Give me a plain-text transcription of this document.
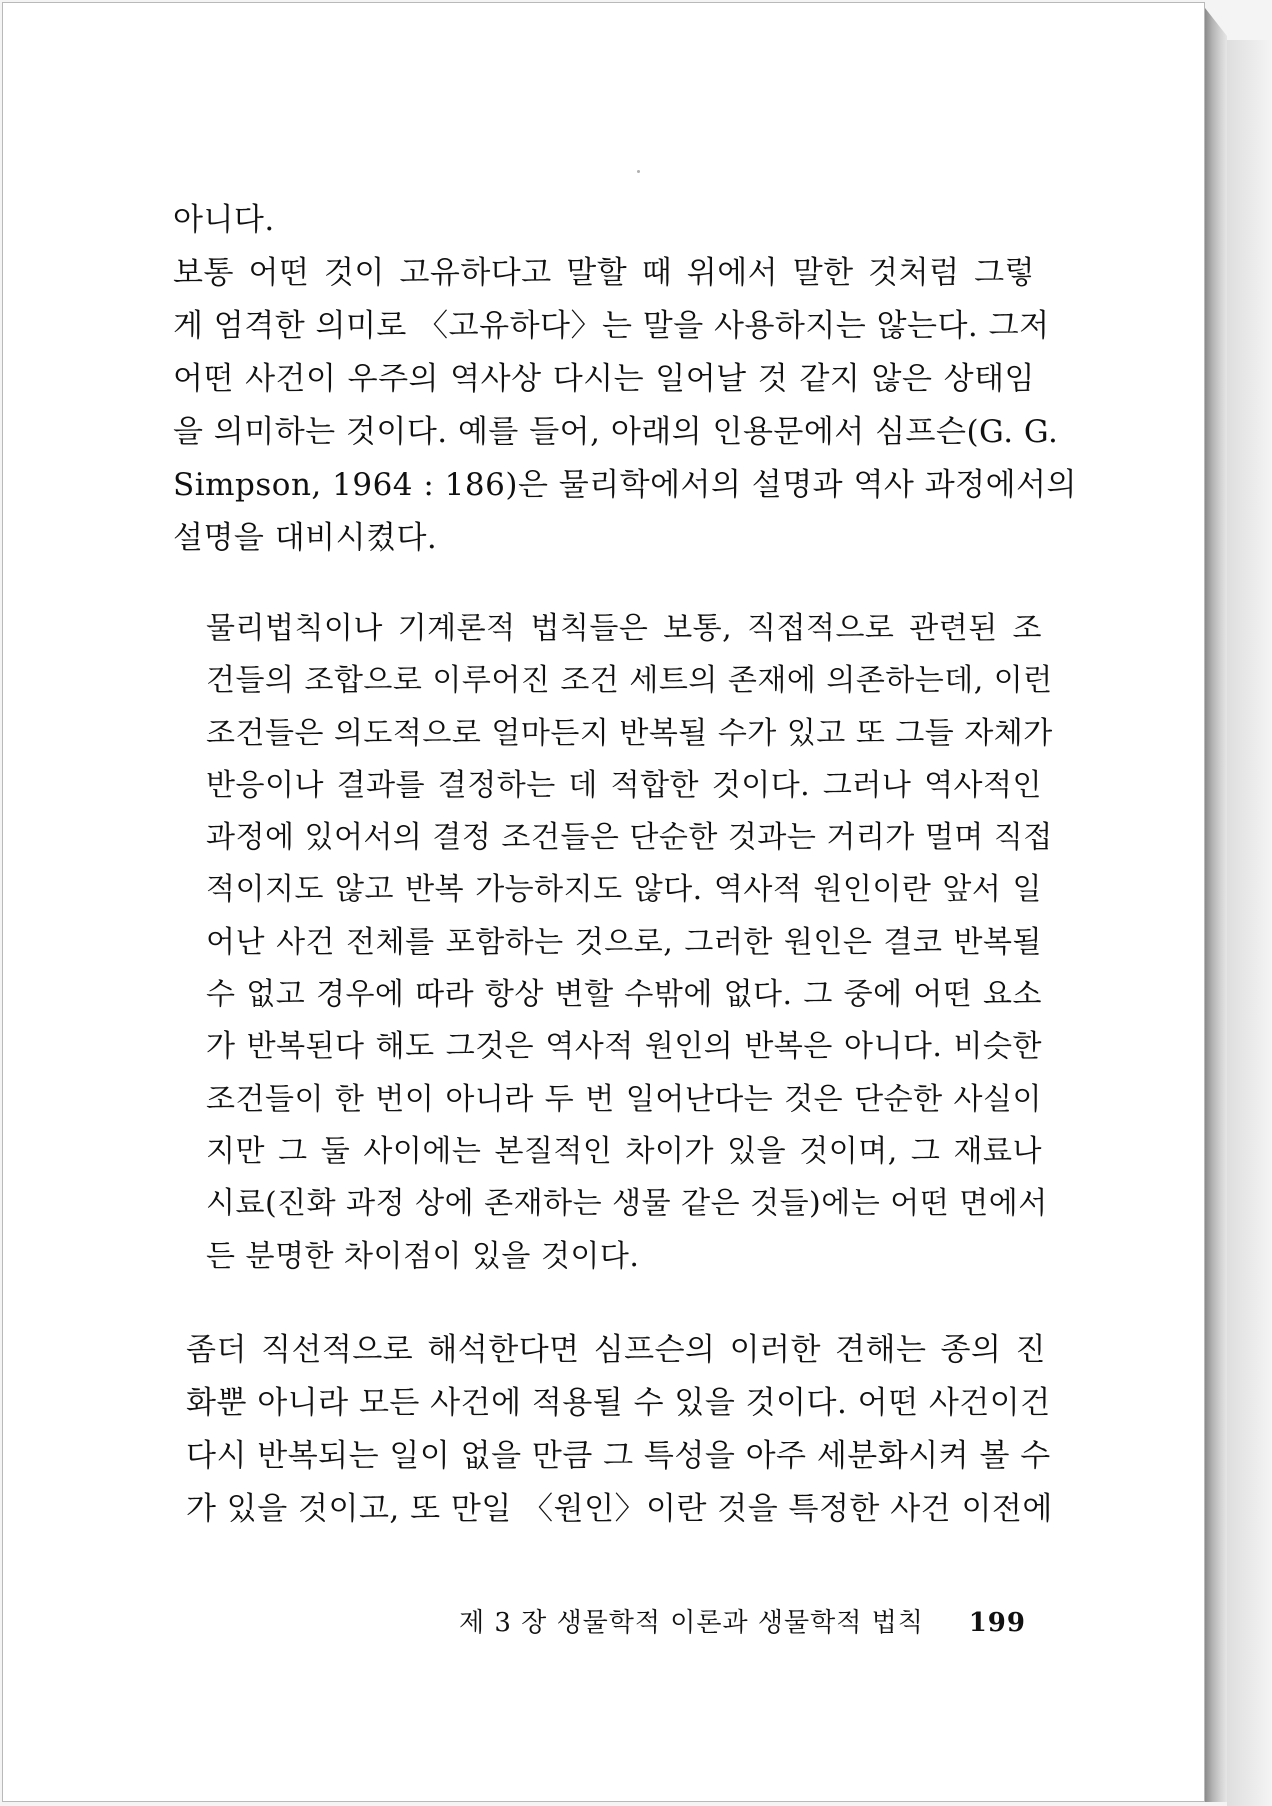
아니다.
보통 어떤 것이 고유하다고 말할 때 위에서 말한 것처럼 그렇
게 엄격한 의미로 〈고유하다〉는 말을 사용하지는 않는다. 그저
어떤 사건이 우주의 역사상 다시는 일어날 것 같지 않은 상태임
을 의미하는 것이다. 예를 들어, 아래의 인용문에서 심프슨(G. G.
Simpson, 1964 : 186)은 물리학에서의 설명과 역사 과정에서의
설명을 대비시켰다.
물리법칙이나 기계론적 법칙들은 보통, 직접적으로 관련된 조
건들의 조합으로 이루어진 조건 세트의 존재에 의존하는데, 이런
조건들은 의도적으로 얼마든지 반복될 수가 있고 또 그들 자체가
반응이나 결과를 결정하는 데 적합한 것이다. 그러나 역사적인
과정에 있어서의 결정 조건들은 단순한 것과는 거리가 멀며 직접
적이지도 않고 반복 가능하지도 않다. 역사적 원인이란 앞서 일
어난 사건 전체를 포함하는 것으로, 그러한 원인은 결코 반복될
수 없고 경우에 따라 항상 변할 수밖에 없다. 그 중에 어떤 요소
가 반복된다 해도 그것은 역사적 원인의 반복은 아니다. 비슷한
조건들이 한 번이 아니라 두 번 일어난다는 것은 단순한 사실이
지만 그 둘 사이에는 본질적인 차이가 있을 것이며, 그 재료나
시료(진화 과정 상에 존재하는 생물 같은 것들)에는 어떤 면에서
든 분명한 차이점이 있을 것이다.
좀더 직선적으로 해석한다면 심프슨의 이러한 견해는 종의 진
화뿐 아니라 모든 사건에 적용될 수 있을 것이다. 어떤 사건이건
다시 반복되는 일이 없을 만큼 그 특성을 아주 세분화시켜 볼 수
가 있을 것이고, 또 만일 〈원인〉이란 것을 특정한 사건 이전에
제 3 장 생물학적 이론과 생물학적 법칙 199
